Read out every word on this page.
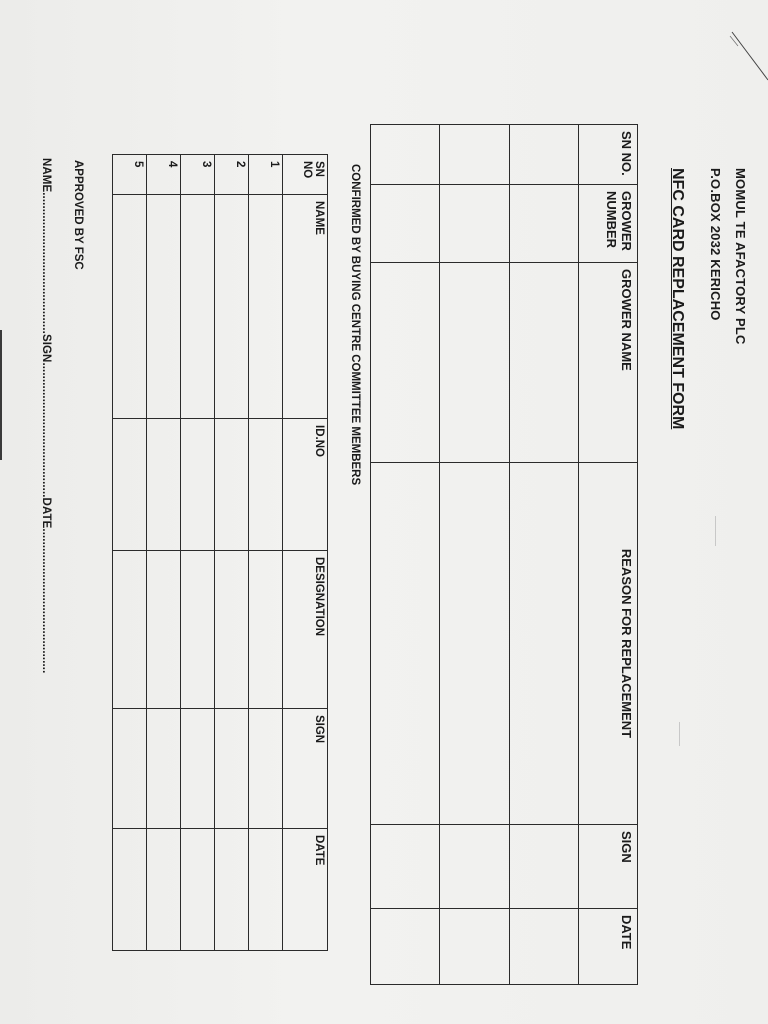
MOMUL TE AFACTORY PLC
P.O.BOX 2032 KERICHO
NFC CARD REPLACEMENT FORM
SN NO.	GROWER NUMBER	GROWER NAME	REASON FOR REPLACEMENT	SIGN	DATE

CONFIRMED BY BUYING CENTRE COMMITTEE MEMBERS
SN NO	NAME	ID.NO	DESIGNATION	SIGN	DATE
1					
2					
3					
4					
5					
APPROVED BY FSC
NAME...........................................SIGN.........................................DATE............................................
